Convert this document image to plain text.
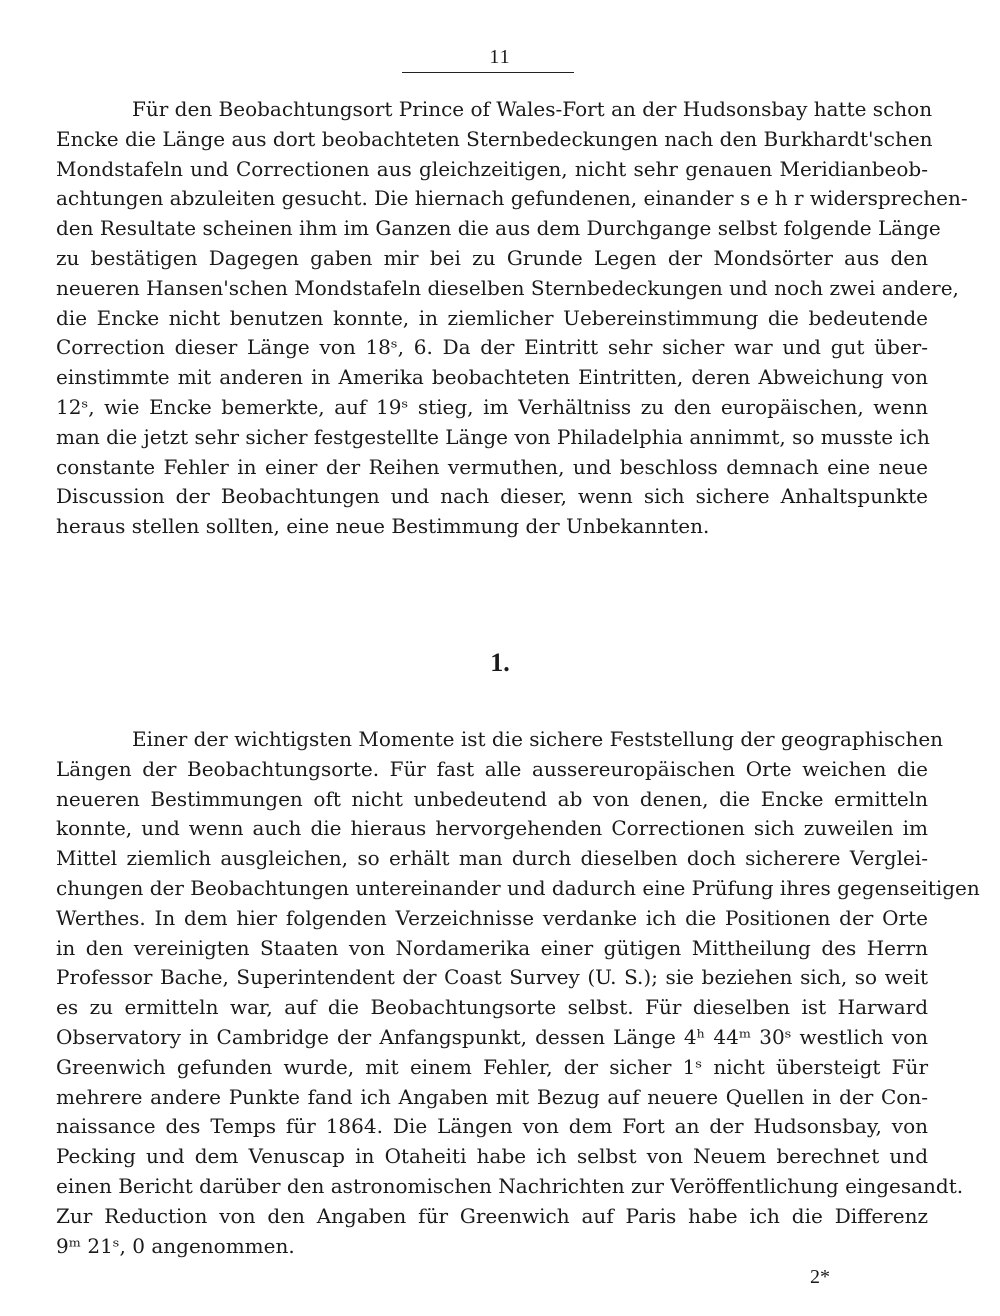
11
Für den Beobachtungsort Prince of Wales-Fort an der Hudsonsbay hatte schon
Encke die Länge aus dort beobachteten Sternbedeckungen nach den Burkhardt'schen
Mondstafeln und Correctionen aus gleichzeitigen, nicht sehr genauen Meridianbeob-
achtungen abzuleiten gesucht. Die hiernach gefundenen, einander s e h r widersprechen-
den Resultate scheinen ihm im Ganzen die aus dem Durchgange selbst folgende Länge
zu bestätigen Dagegen gaben mir bei zu Grunde Legen der Mondsörter aus den
neueren Hansen'schen Mondstafeln dieselben Sternbedeckungen und noch zwei andere,
die Encke nicht benutzen konnte, in ziemlicher Uebereinstimmung die bedeutende
Correction dieser Länge von 18ˢ, 6. Da der Eintritt sehr sicher war und gut über-
einstimmte mit anderen in Amerika beobachteten Eintritten, deren Abweichung von
12ˢ, wie Encke bemerkte, auf 19ˢ stieg, im Verhältniss zu den europäischen, wenn
man die jetzt sehr sicher festgestellte Länge von Philadelphia annimmt, so musste ich
constante Fehler in einer der Reihen vermuthen, und beschloss demnach eine neue
Discussion der Beobachtungen und nach dieser, wenn sich sichere Anhaltspunkte
heraus stellen sollten, eine neue Bestimmung der Unbekannten.
1.
Einer der wichtigsten Momente ist die sichere Feststellung der geographischen
Längen der Beobachtungsorte. Für fast alle aussereuropäischen Orte weichen die
neueren Bestimmungen oft nicht unbedeutend ab von denen, die Encke ermitteln
konnte, und wenn auch die hieraus hervorgehenden Correctionen sich zuweilen im
Mittel ziemlich ausgleichen, so erhält man durch dieselben doch sicherere Verglei-
chungen der Beobachtungen untereinander und dadurch eine Prüfung ihres gegenseitigen
Werthes. In dem hier folgenden Verzeichnisse verdanke ich die Positionen der Orte
in den vereinigten Staaten von Nordamerika einer gütigen Mittheilung des Herrn
Professor Bache, Superintendent der Coast Survey (U. S.); sie beziehen sich, so weit
es zu ermitteln war, auf die Beobachtungsorte selbst. Für dieselben ist Harward
Observatory in Cambridge der Anfangspunkt, dessen Länge 4ʰ 44ᵐ 30ˢ westlich von
Greenwich gefunden wurde, mit einem Fehler, der sicher 1ˢ nicht übersteigt Für
mehrere andere Punkte fand ich Angaben mit Bezug auf neuere Quellen in der Con-
naissance des Temps für 1864. Die Längen von dem Fort an der Hudsonsbay, von
Pecking und dem Venuscap in Otaheiti habe ich selbst von Neuem berechnet und
einen Bericht darüber den astronomischen Nachrichten zur Veröffentlichung eingesandt.
Zur Reduction von den Angaben für Greenwich auf Paris habe ich die Differenz
9ᵐ 21ˢ, 0 angenommen.
2*
